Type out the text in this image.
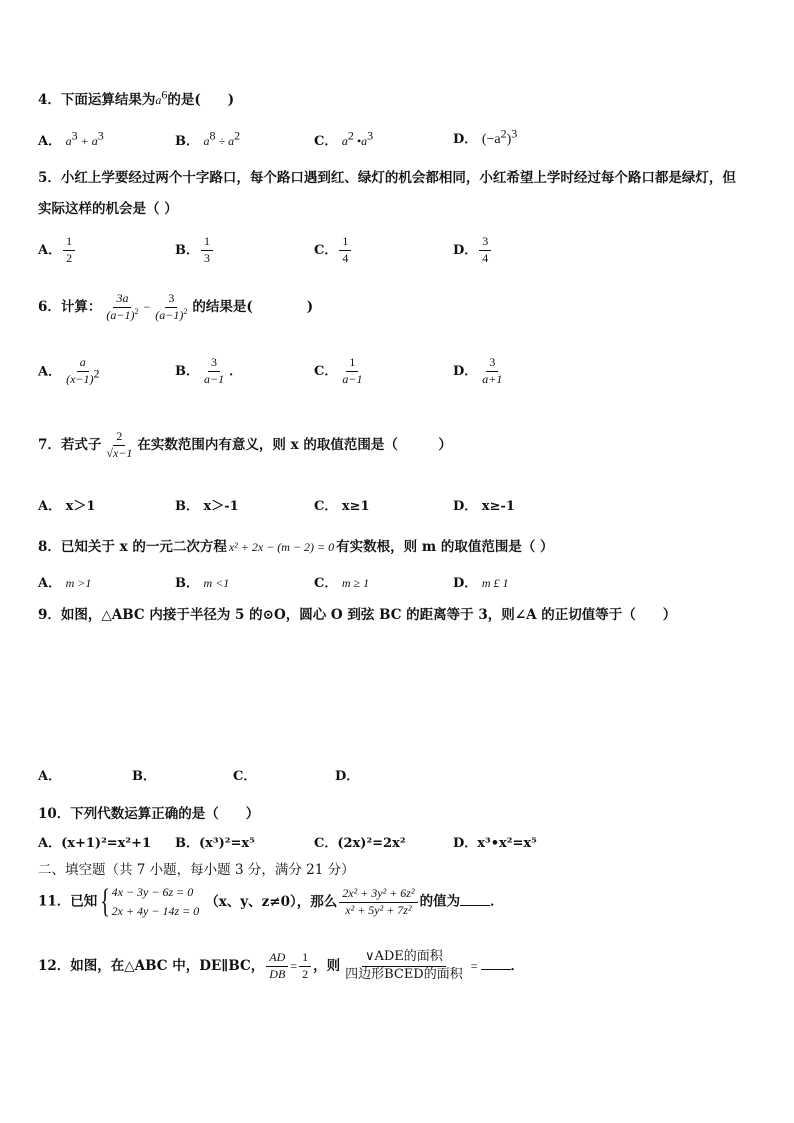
4．下面运算结果为$a^6$的是(　　)
A． $a^3 + a^3$	B． $a^8 \div a^2$	C． $a^2$ $•a^3$	D． $(-a^2)^3$
5．小红上学要经过两个十字路口，每个路口遇到红、绿灯的机会都相同，小红希望上学时经过每个路口都是绿灯，但
实际这样的机会是（ ）
A． $\frac{1}{2}$	B． $\frac{1}{3}$	C． $\frac{1}{4}$	D． $\frac{3}{4}$
6．计算： $\frac{3a}{(a-1)^2} - \frac{3}{(a-1)^2}$ 的结果是(　　　　)
A． $\frac{a}{(x-1)^2}$	B． $\frac{3}{a-1}$ ．	C． $\frac{1}{a-1}$	D． $\frac{3}{a+1}$
7．若式子 $\frac{2}{√x-1}$ 在实数范围内有意义，则 x 的取值范围是（　　　）
A． x＞1	B． x＞-1	C． x≥1	D． x≥-1
8．已知关于 x 的一元二次方程 x² + 2x − (m − 2) = 0 有实数根，则 m 的取值范围是（ ）
A． m >1	B． m <1	C． m ≥ 1	D． m £ 1
9．如图，△ABC 内接于半径为 5 的⊙O，圆心 O 到弦 BC 的距离等于 3，则∠A 的正切值等于（　　）
A．	B．	C．	D．
10．下列代数运算正确的是（　　）
A．(x+1)²=x²+1 B．(x³)²=x⁵	C．(2x)²=2x²	D．x³•x²=x⁵
二、填空题（共 7 小题，每小题 3 分，满分 21 分）
11．已知 { 4x − 3y − 6z = 0
2x + 4y − 14z = 0
（x、y、z≠0），那么 $\frac{\text{2x² + 3y² + 6z²}}{\text{x² + 5y² + 7z²}}$ 的值为 ．
12．如图，在△ABC 中，DE∥BC， $\frac{AD}{DB} = \frac{1}{2}$ ，则 $\frac{\text{∨ADE的面积}}{\text{四边形BCED的面积}}$ = ．
